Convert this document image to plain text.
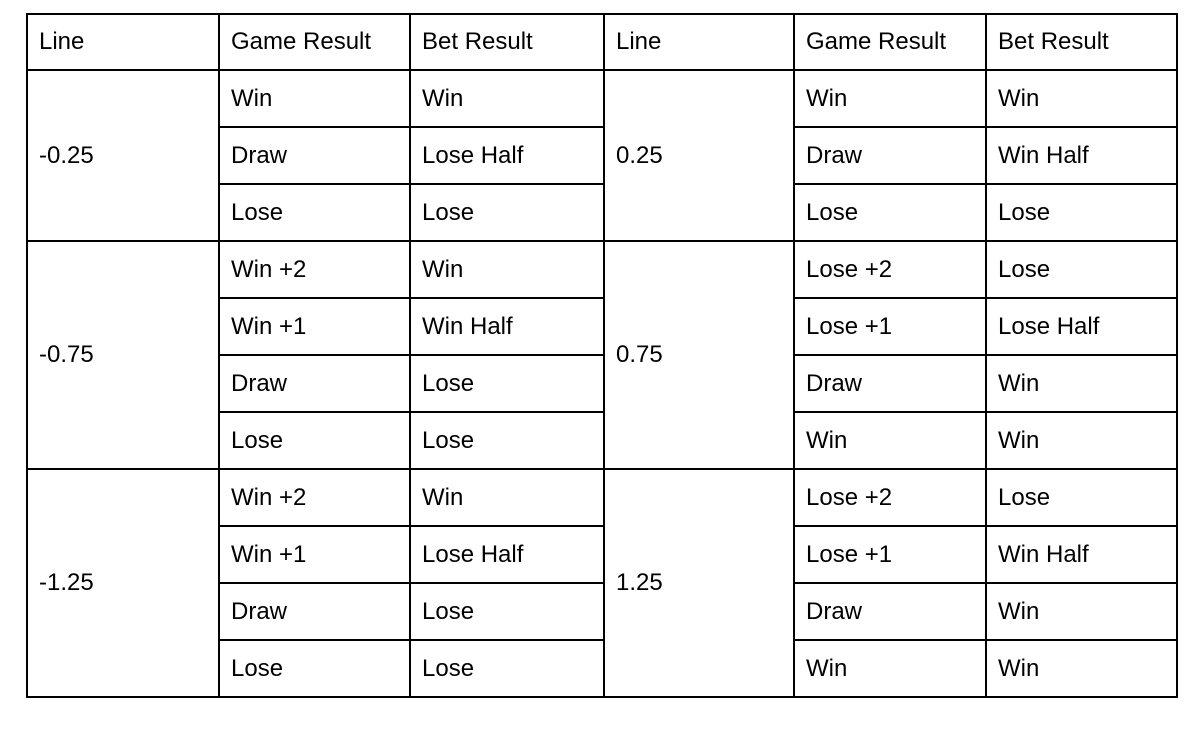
Line	Game Result	Bet Result	Line	Game Result	Bet Result
-0.25	Win	Win	0.25	Win	Win
	Draw	Lose Half		Draw	Win Half
	Lose	Lose		Lose	Lose
-0.75	Win +2	Win	0.75	Lose +2	Lose
	Win +1	Win Half		Lose +1	Lose Half
	Draw	Lose		Draw	Win
	Lose	Lose		Win	Win
-1.25	Win +2	Win	1.25	Lose +2	Lose
	Win +1	Lose Half		Lose +1	Win Half
	Draw	Lose		Draw	Win
	Lose	Lose		Win	Win
